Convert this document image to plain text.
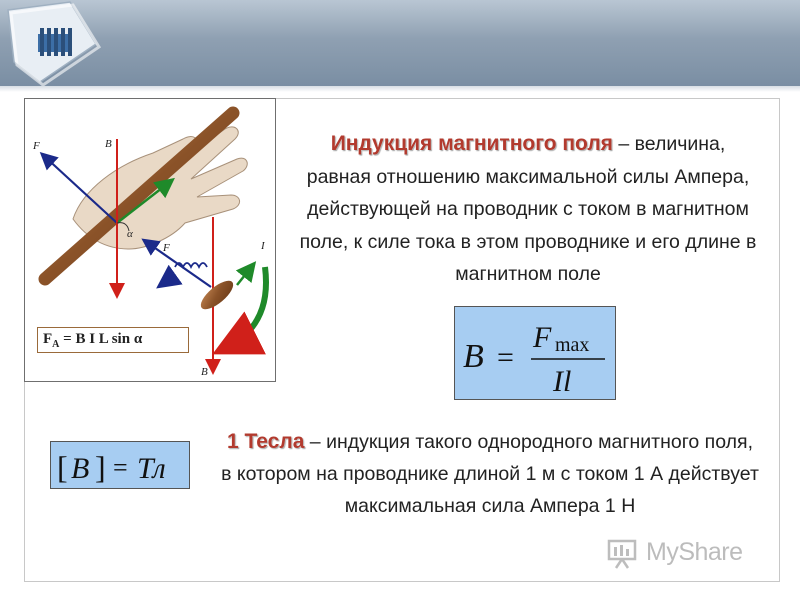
F	B
α
F	I
B
$F_A = B$ I L sin α
Индукция магнитного поля – величина, равная отношению максимальной силы Ампера, действующей на проводник с током в магнитном поле, к силе тока в этом проводнике и его длине в магнитном поле
B =
F max
Il
[ B ] = Тл
1 Тесла – индукция такого однородного магнитного поля, в котором на проводнике длиной 1 м с током 1 А действует максимальная сила Ампера 1 Н
MyShare
